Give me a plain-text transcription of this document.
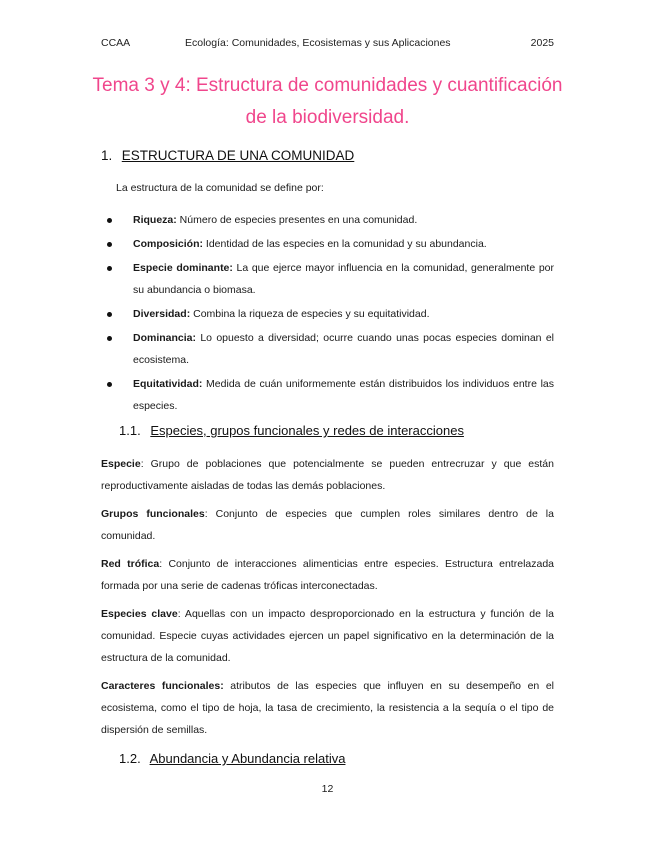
CCAA	Ecología: Comunidades, Ecosistemas y sus Aplicaciones	2025
Tema 3 y 4: Estructura de comunidades y cuantificación de la biodiversidad.
1. ESTRUCTURA DE UNA COMUNIDAD
La estructura de la comunidad se define por:
Riqueza: Número de especies presentes en una comunidad.
Composición: Identidad de las especies en la comunidad y su abundancia.
Especie dominante: La que ejerce mayor influencia en la comunidad, generalmente por su abundancia o biomasa.
Diversidad: Combina la riqueza de especies y su equitatividad.
Dominancia: Lo opuesto a diversidad; ocurre cuando unas pocas especies dominan el ecosistema.
Equitatividad: Medida de cuán uniformemente están distribuidos los individuos entre las especies.
1.1. Especies, grupos funcionales y redes de interacciones
Especie: Grupo de poblaciones que potencialmente se pueden entrecruzar y que están reproductivamente aisladas de todas las demás poblaciones.
Grupos funcionales: Conjunto de especies que cumplen roles similares dentro de la comunidad.
Red trófica: Conjunto de interacciones alimenticias entre especies. Estructura entrelazada formada por una serie de cadenas tróficas interconectadas.
Especies clave: Aquellas con un impacto desproporcionado en la estructura y función de la comunidad. Especie cuyas actividades ejercen un papel significativo en la determinación de la estructura de la comunidad.
Caracteres funcionales: atributos de las especies que influyen en su desempeño en el ecosistema, como el tipo de hoja, la tasa de crecimiento, la resistencia a la sequía o el tipo de dispersión de semillas.
1.2. Abundancia y Abundancia relativa
12
